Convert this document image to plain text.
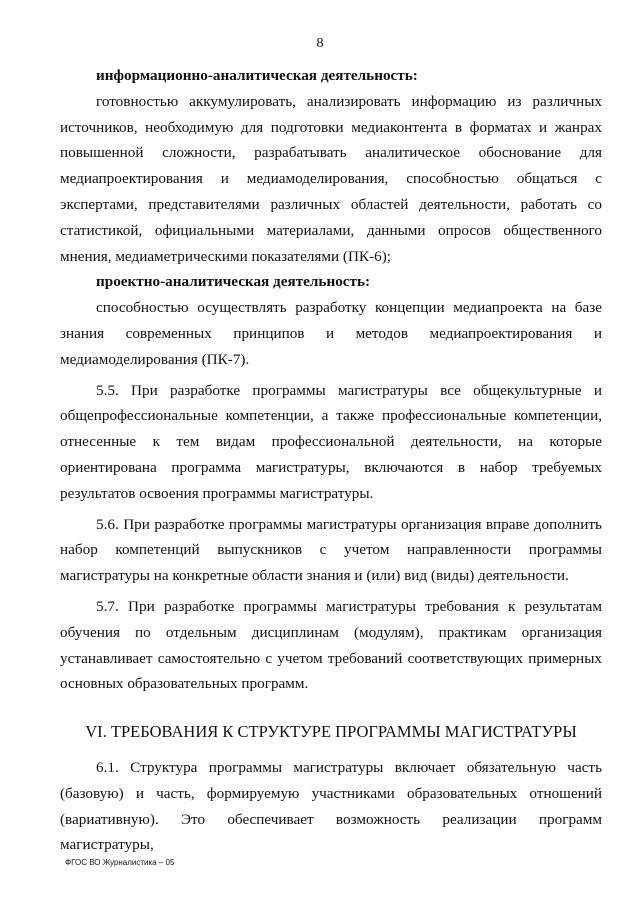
8

информационно-аналитическая деятельность:

готовностью аккумулировать, анализировать информацию из различных источников, необходимую для подготовки медиаконтента в форматах и жанрах повышенной сложности, разрабатывать аналитическое обоснование для медиапроектирования и медиамоделирования, способностью общаться с экспертами, представителями различных областей деятельности, работать со статистикой, официальными материалами, данными опросов общественного мнения, медиаметрическими показателями (ПК-6);

проектно-аналитическая деятельность:

способностью осуществлять разработку концепции медиапроекта на базе знания современных принципов и методов медиапроектирования и медиамоделирования (ПК-7).

5.5. При разработке программы магистратуры все общекультурные и общепрофессиональные компетенции, а также профессиональные компетенции, отнесенные к тем видам профессиональной деятельности, на которые ориентирована программа магистратуры, включаются в набор требуемых результатов освоения программы магистратуры.

5.6. При разработке программы магистратуры организация вправе дополнить набор компетенций выпускников с учетом направленности программы магистратуры на конкретные области знания и (или) вид (виды) деятельности.

5.7. При разработке программы магистратуры требования к результатам обучения по отдельным дисциплинам (модулям), практикам организация устанавливает самостоятельно с учетом требований соответствующих примерных основных образовательных программ.

VI. ТРЕБОВАНИЯ К СТРУКТУРЕ ПРОГРАММЫ МАГИСТРАТУРЫ

6.1. Структура программы магистратуры включает обязательную часть (базовую) и часть, формируемую участниками образовательных отношений (вариативную). Это обеспечивает возможность реализации программ магистратуры,

ФГОС ВО Журналистика – 05
